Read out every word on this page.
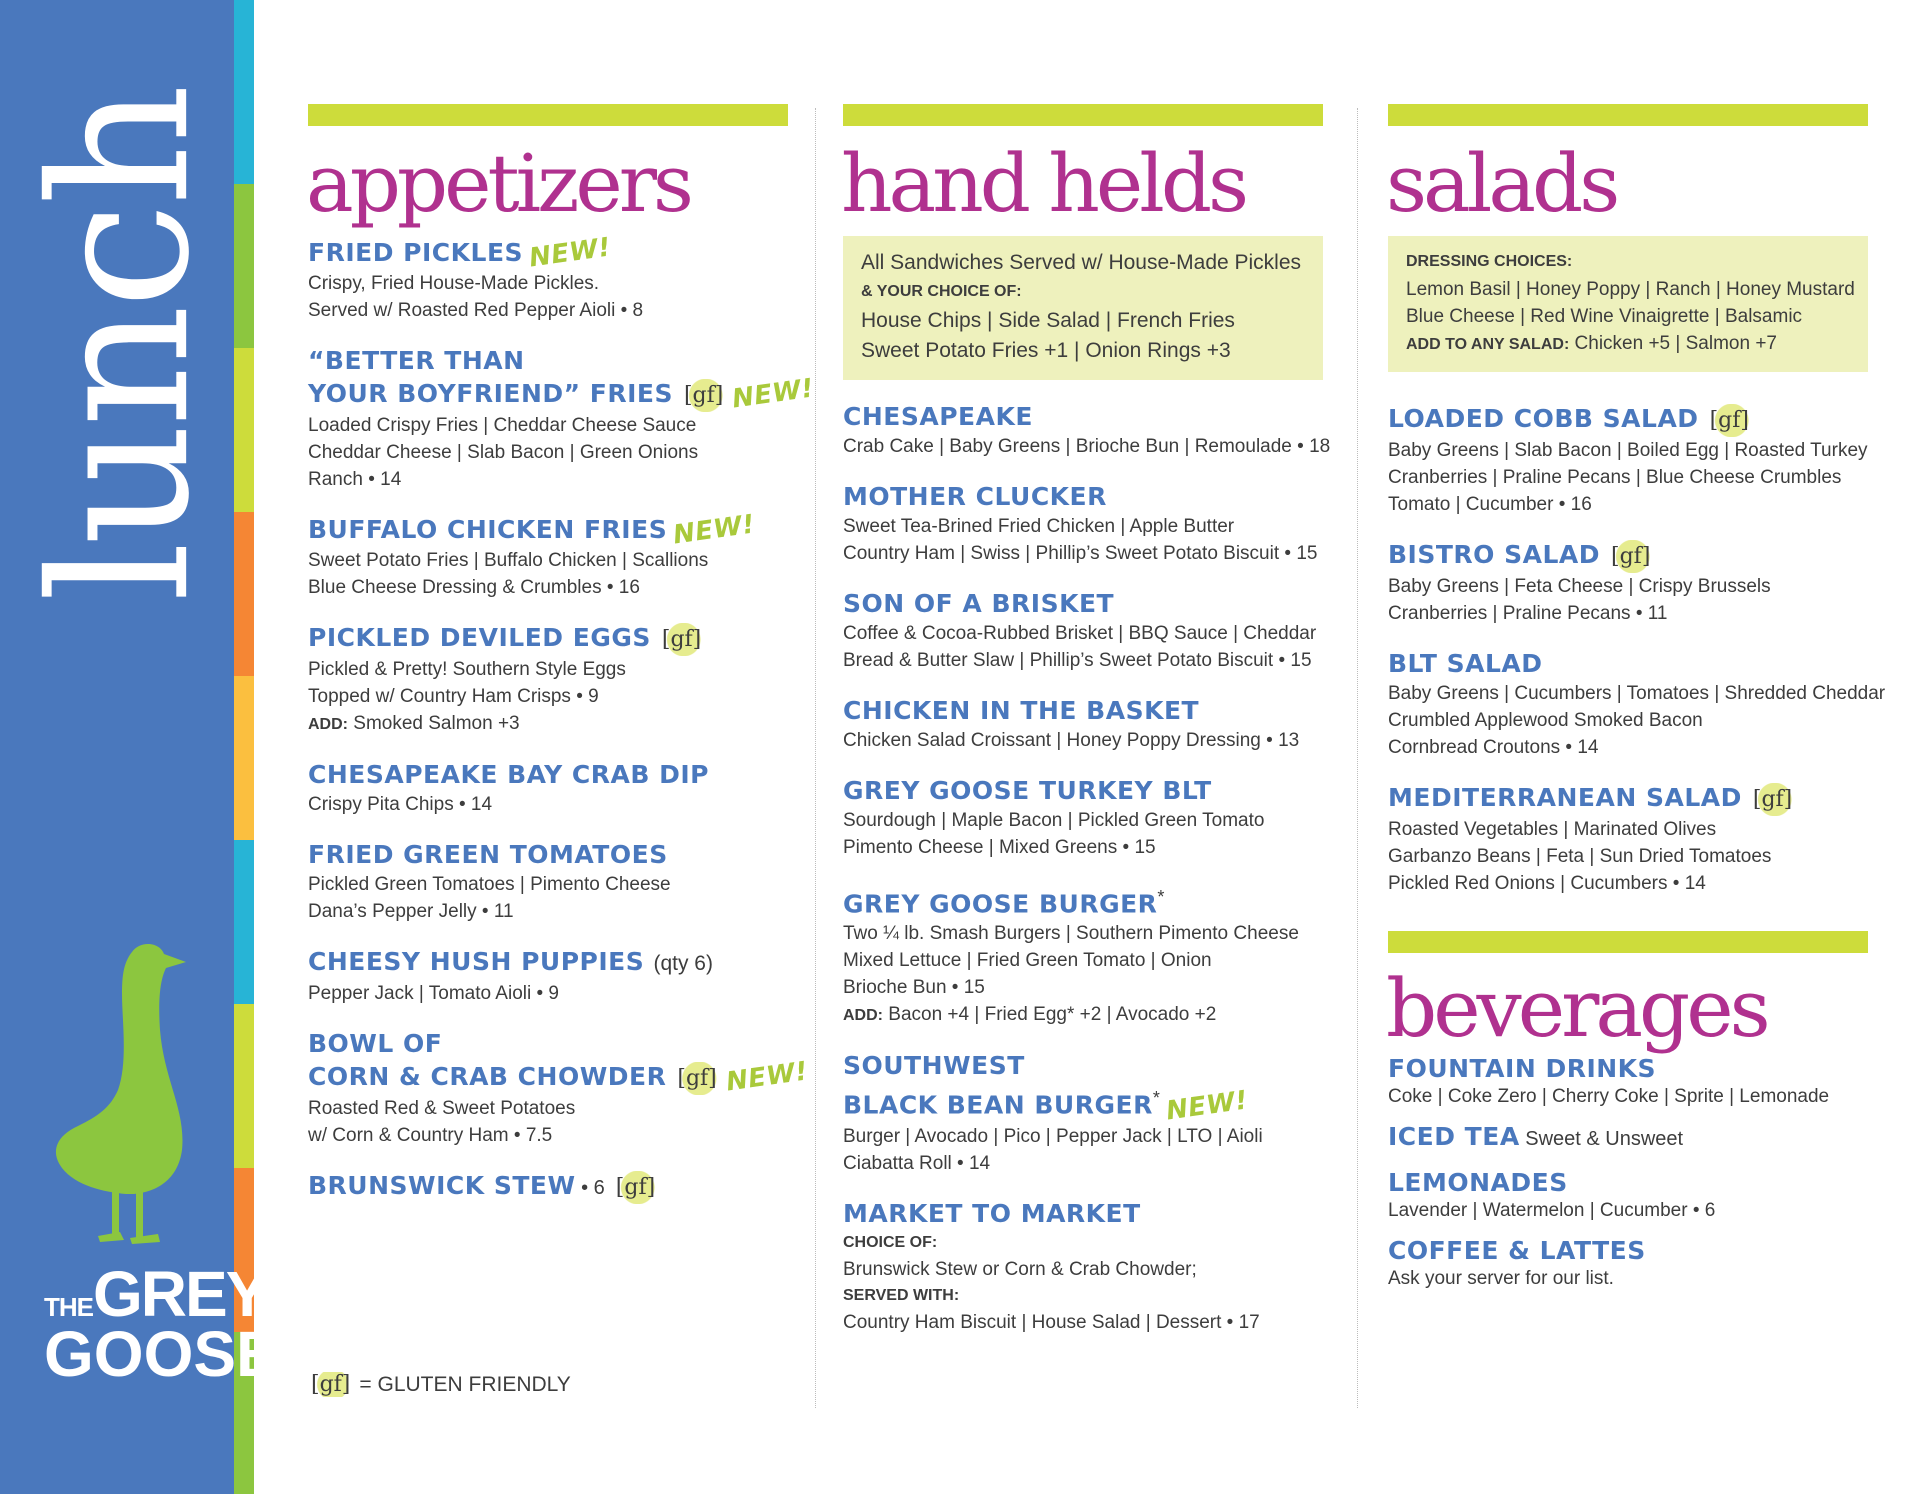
lunch
THEGREY
GOOSE
appetizers
FRIED PICKLES NEW!
Crispy, Fried House-Made Pickles.
Served w/ Roasted Red Pepper Aioli • 8
“BETTER THAN
YOUR BOYFRIEND” FRIES [gf] NEW!
Loaded Crispy Fries | Cheddar Cheese Sauce
Cheddar Cheese | Slab Bacon | Green Onions
Ranch • 14
BUFFALO CHICKEN FRIES NEW!
Sweet Potato Fries | Buffalo Chicken | Scallions
Blue Cheese Dressing & Crumbles • 16
PICKLED DEVILED EGGS [gf]
Pickled & Pretty! Southern Style Eggs
Topped w/ Country Ham Crisps • 9
ADD: Smoked Salmon +3
CHESAPEAKE BAY CRAB DIP
Crispy Pita Chips • 14
FRIED GREEN TOMATOES
Pickled Green Tomatoes | Pimento Cheese
Dana’s Pepper Jelly • 11
CHEESY HUSH PUPPIES (qty 6)
Pepper Jack | Tomato Aioli • 9
BOWL OF
CORN & CRAB CHOWDER [gf] NEW!
Roasted Red & Sweet Potatoes
w/ Corn & Country Ham • 7.5
BRUNSWICK STEW • 6 [gf]
[gf] = GLUTEN FRIENDLY
hand helds
All Sandwiches Served w/ House-Made Pickles
& YOUR CHOICE OF:
House Chips | Side Salad | French Fries
Sweet Potato Fries +1 | Onion Rings +3
CHESAPEAKE
Crab Cake | Baby Greens | Brioche Bun | Remoulade • 18
MOTHER CLUCKER
Sweet Tea-Brined Fried Chicken | Apple Butter
Country Ham | Swiss | Phillip’s Sweet Potato Biscuit • 15
SON OF A BRISKET
Coffee & Cocoa-Rubbed Brisket | BBQ Sauce | Cheddar
Bread & Butter Slaw | Phillip’s Sweet Potato Biscuit • 15
CHICKEN IN THE BASKET
Chicken Salad Croissant | Honey Poppy Dressing • 13
GREY GOOSE TURKEY BLT
Sourdough | Maple Bacon | Pickled Green Tomato
Pimento Cheese | Mixed Greens • 15
GREY GOOSE BURGER*
Two ¼ lb. Smash Burgers | Southern Pimento Cheese
Mixed Lettuce | Fried Green Tomato | Onion
Brioche Bun • 15
ADD: Bacon +4 | Fried Egg* +2 | Avocado +2
SOUTHWEST
BLACK BEAN BURGER* NEW!
Burger | Avocado | Pico | Pepper Jack | LTO | Aioli
Ciabatta Roll • 14
MARKET TO MARKET
CHOICE OF:
Brunswick Stew or Corn & Crab Chowder;
SERVED WITH:
Country Ham Biscuit | House Salad | Dessert • 17
salads
DRESSING CHOICES:
Lemon Basil | Honey Poppy | Ranch | Honey Mustard
Blue Cheese | Red Wine Vinaigrette | Balsamic
ADD TO ANY SALAD: Chicken +5 | Salmon +7
LOADED COBB SALAD [gf]
Baby Greens | Slab Bacon | Boiled Egg | Roasted Turkey
Cranberries | Praline Pecans | Blue Cheese Crumbles
Tomato | Cucumber • 16
BISTRO SALAD [gf]
Baby Greens | Feta Cheese | Crispy Brussels
Cranberries | Praline Pecans • 11
BLT SALAD
Baby Greens | Cucumbers | Tomatoes | Shredded Cheddar
Crumbled Applewood Smoked Bacon
Cornbread Croutons • 14
MEDITERRANEAN SALAD [gf]
Roasted Vegetables | Marinated Olives
Garbanzo Beans | Feta | Sun Dried Tomatoes
Pickled Red Onions | Cucumbers • 14
beverages
FOUNTAIN DRINKS
Coke | Coke Zero | Cherry Coke | Sprite | Lemonade
ICED TEA Sweet & Unsweet
LEMONADES
Lavender | Watermelon | Cucumber • 6
COFFEE & LATTES
Ask your server for our list.
